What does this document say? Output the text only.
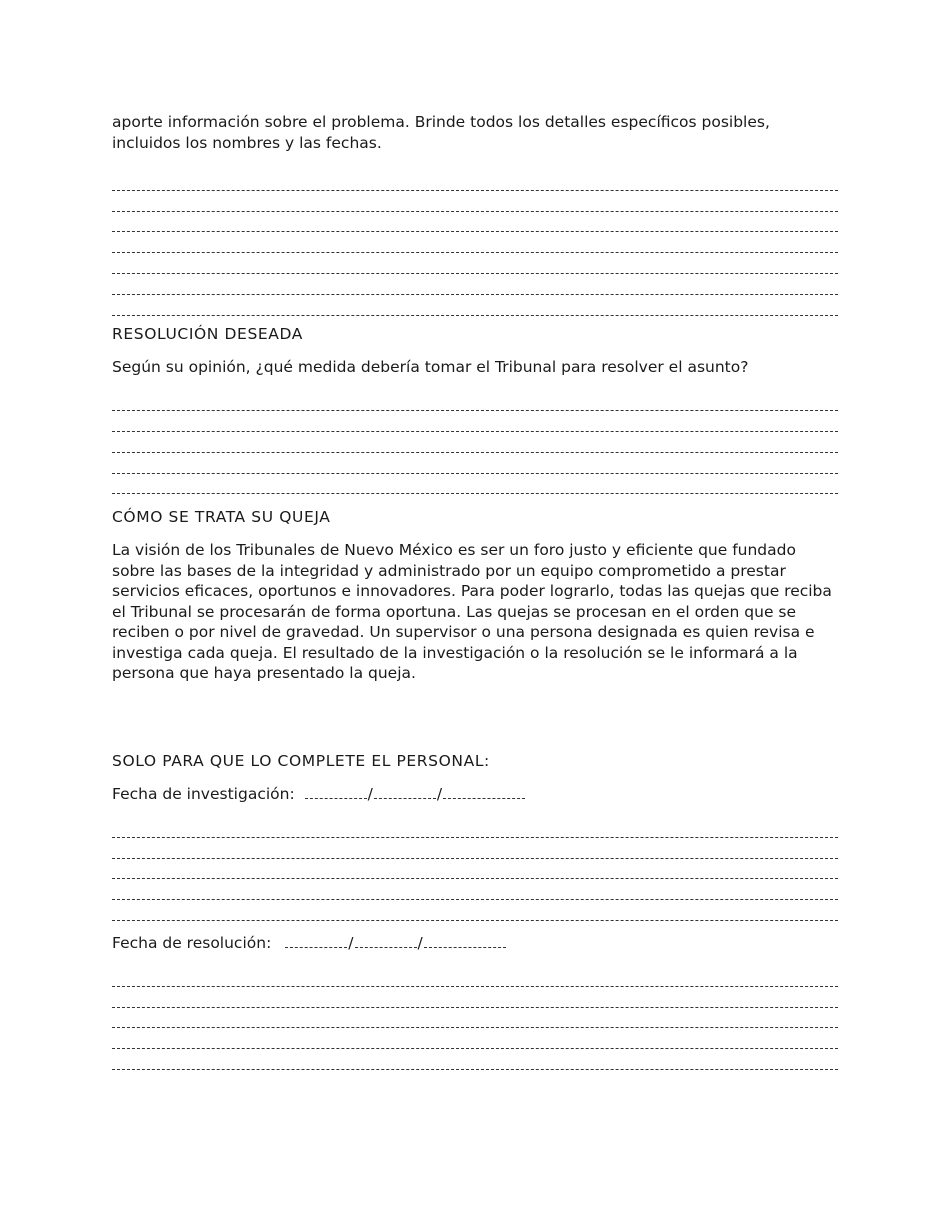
aporte información sobre el problema. Brinde todos los detalles específicos posibles, incluidos los nombres y las fechas.

RESOLUCIÓN DESEADA

Según su opinión, ¿qué medida debería tomar el Tribunal para resolver el asunto?

CÓMO SE TRATA SU QUEJA

La visión de los Tribunales de Nuevo México es ser un foro justo y eficiente que fundado sobre las bases de la integridad y administrado por un equipo comprometido a prestar servicios eficaces, oportunos e innovadores. Para poder lograrlo, todas las quejas que reciba el Tribunal se procesarán de forma oportuna. Las quejas se procesan en el orden que se reciben o por nivel de gravedad. Un supervisor o una persona designada es quien revisa e investiga cada queja. El resultado de la investigación o la resolución se le informará a la persona que haya presentado la queja.

SOLO PARA QUE LO COMPLETE EL PERSONAL:

Fecha de investigación:	/	/
Fecha de resolución:	/	/
